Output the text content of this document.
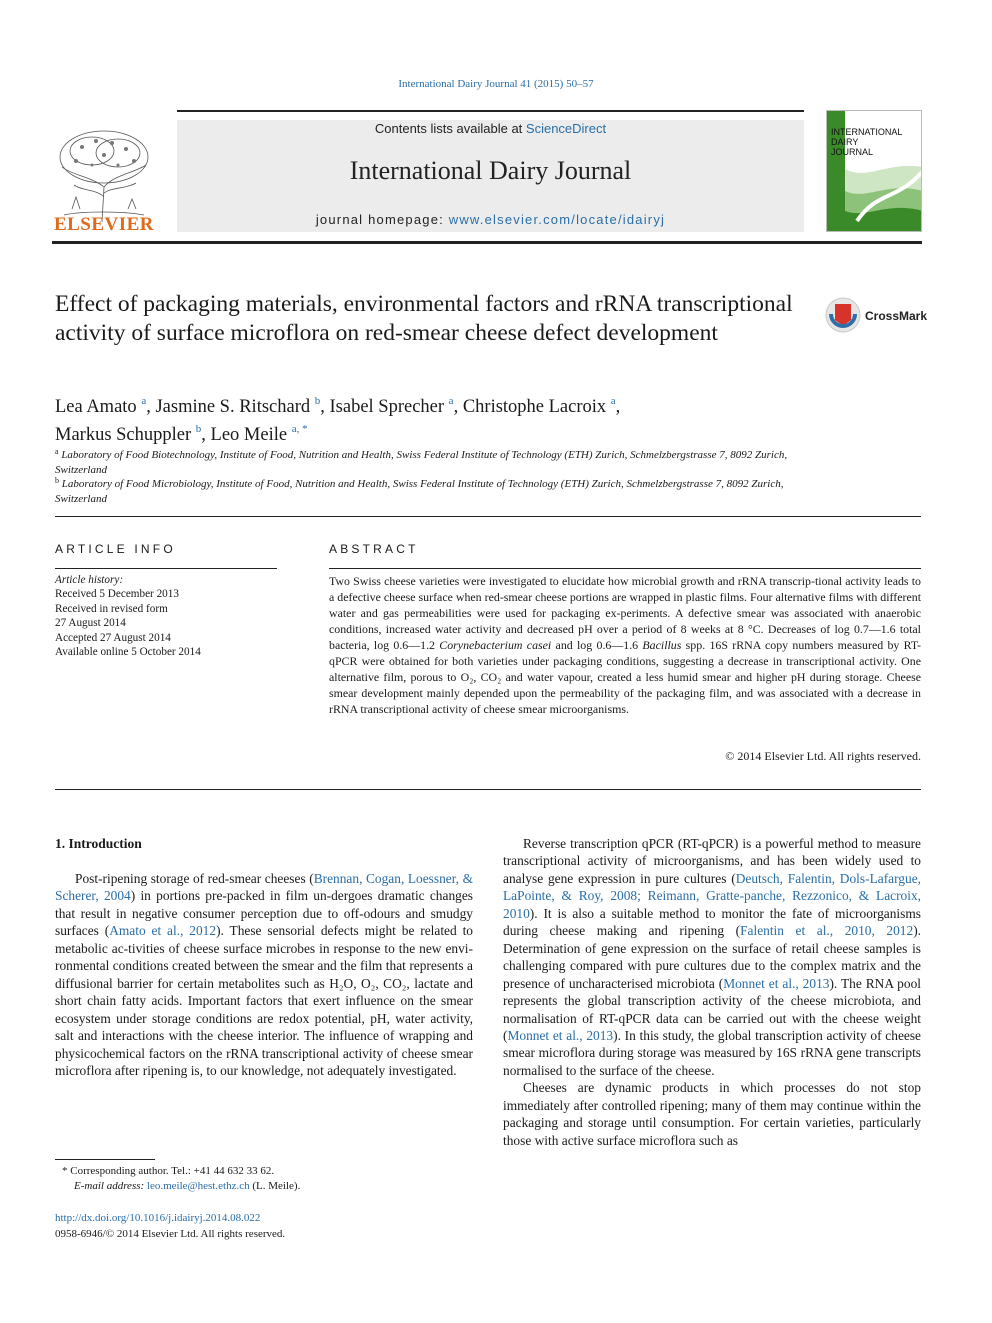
International Dairy Journal 41 (2015) 50–57
ELSEVIER
Contents lists available at ScienceDirect
International Dairy Journal
journal homepage: www.elsevier.com/locate/idairyj
INTERNATIONAL
DAIRY
JOURNAL
Effect of packaging materials, environmental factors and rRNA transcriptional activity of surface microflora on red-smear cheese defect development
CrossMark
Lea Amato $^a$, Jasmine S. Ritschard $^b$, Isabel Sprecher $^a$, Christophe Lacroix $^a$,
Markus Schuppler $^b$, Leo Meile $^{a, *}$
$^a$ Laboratory of Food Biotechnology, Institute of Food, Nutrition and Health, Swiss Federal Institute of Technology (ETH) Zurich, Schmelzbergstrasse 7, 8092 Zurich, Switzerland
$^b$ Laboratory of Food Microbiology, Institute of Food, Nutrition and Health, Swiss Federal Institute of Technology (ETH) Zurich, Schmelzbergstrasse 7, 8092 Zurich, Switzerland
ARTICLE INFO
Article history:
Received 5 December 2013
Received in revised form
27 August 2014
Accepted 27 August 2014
Available online 5 October 2014
ABSTRACT
Two Swiss cheese varieties were investigated to elucidate how microbial growth and rRNA transcrip-tional activity leads to a defective cheese surface when red-smear cheese portions are wrapped in plastic films. Four alternative films with different water and gas permeabilities were used for packaging ex-periments. A defective smear was associated with anaerobic conditions, increased water activity and decreased pH over a period of 8 weeks at 8 °C. Decreases of log 0.7—1.6 total bacteria, log 0.6—1.2 Corynebacterium casei and log 0.6—1.6 Bacillus spp. 16S rRNA copy numbers measured by RT-qPCR were obtained for both varieties under packaging conditions, suggesting a decrease in transcriptional activity. One alternative film, porous to O₂, CO₂ and water vapour, created a less humid smear and higher pH during storage. Cheese smear development mainly depended upon the permeability of the packaging film, and was associated with a decrease in rRNA transcriptional activity of cheese smear microorganisms.
© 2014 Elsevier Ltd. All rights reserved.
1. Introduction

Post-ripening storage of red-smear cheeses (Brennan, Cogan, Loessner, & Scherer, 2004) in portions pre-packed in film un-dergoes dramatic changes that result in negative consumer perception due to off-odours and smudgy surfaces (Amato et al., 2012). These sensorial defects might be related to metabolic ac-tivities of cheese surface microbes in response to the new envi-ronmental conditions created between the smear and the film that represents a diffusional barrier for certain metabolites such as H₂O, O₂, CO₂, lactate and short chain fatty acids. Important factors that exert influence on the smear ecosystem under storage conditions are redox potential, pH, water activity, salt and interactions with the cheese interior. The influence of wrapping and physicochemical factors on the rRNA transcriptional activity of cheese smear microflora after ripening is, to our knowledge, not adequately investigated.

Reverse transcription qPCR (RT-qPCR) is a powerful method to measure transcriptional activity of microorganisms, and has been widely used to analyse gene expression in pure cultures (Deutsch, Falentin, Dols-Lafargue, LaPointe, & Roy, 2008; Reimann, Gratte-panche, Rezzonico, & Lacroix, 2010). It is also a suitable method to monitor the fate of microorganisms during cheese making and ripening (Falentin et al., 2010, 2012). Determination of gene expression on the surface of retail cheese samples is challenging compared with pure cultures due to the complex matrix and the presence of uncharacterised microbiota (Monnet et al., 2013). The RNA pool represents the global transcription activity of the cheese microbiota, and normalisation of RT-qPCR data can be carried out with the cheese weight (Monnet et al., 2013). In this study, the global transcription activity of cheese smear microflora during storage was measured by 16S rRNA gene transcripts normalised to the surface of the cheese.

Cheeses are dynamic products in which processes do not stop immediately after controlled ripening; many of them may continue within the packaging and storage until consumption. For certain varieties, particularly those with active surface microflora such as

* Corresponding author. Tel.: +41 44 632 33 62.
E-mail address: leo.meile@hest.ethz.ch (L. Meile).
http://dx.doi.org/10.1016/j.idairyj.2014.08.022
0958-6946/© 2014 Elsevier Ltd. All rights reserved.
